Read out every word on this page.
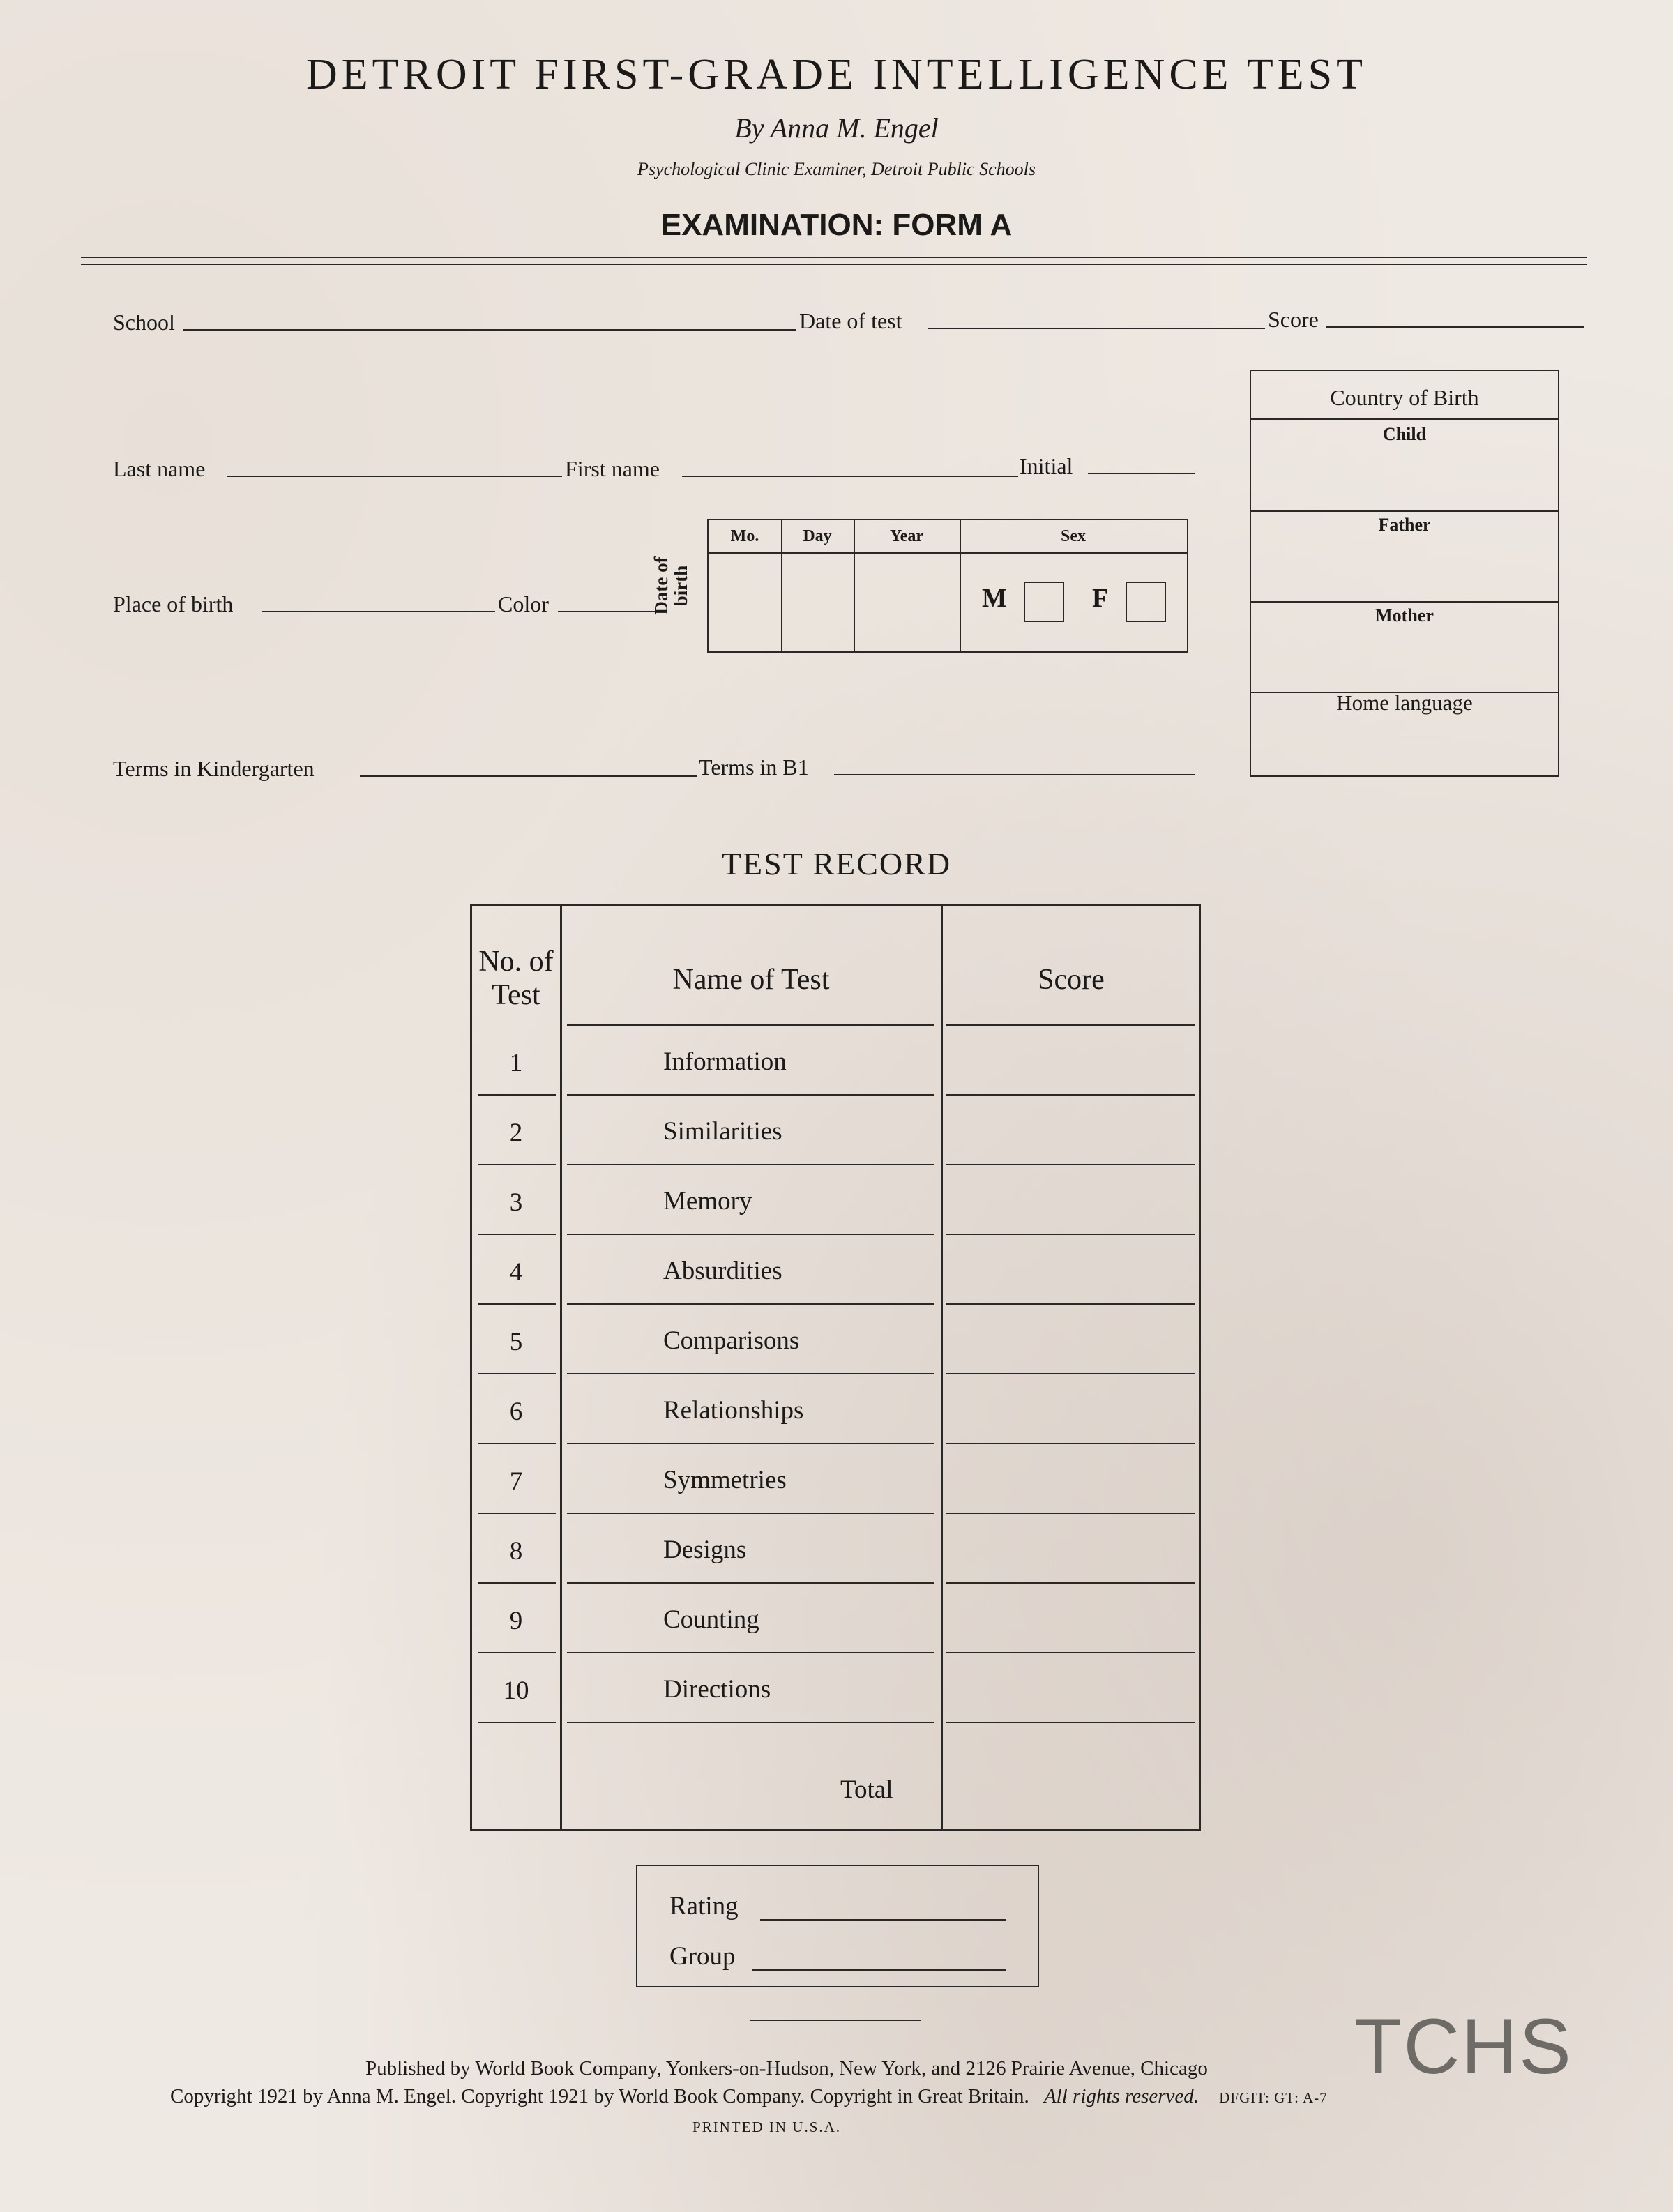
DETROIT FIRST-GRADE INTELLIGENCE TEST
By Anna M. Engel
Psychological Clinic Examiner, Detroit Public Schools
EXAMINATION: FORM A
School	Date of test	Score
Last name	First name	Initial
Place of birth	Color	Date of
birth
Mo.	Day	Year	Sex
M	F
Country of Birth
Child
Father
Mother
Home language
Terms in Kindergarten	Terms in B1
TEST RECORD
No. of
Test	Name of Test	Score
1	Information
2	Similarities
3	Memory
4	Absurdities
5	Comparisons
6	Relationships
7	Symmetries
8	Designs
9	Counting
10	Directions
Total
Rating
Group
Published by World Book Company, Yonkers-on-Hudson, New York, and 2126 Prairie Avenue, Chicago
Copyright 1921 by Anna M. Engel. Copyright 1921 by World Book Company. Copyright in Great Britain. All rights reserved. DFGIT: GT: A-7
PRINTED IN U.S.A.
TCHS
